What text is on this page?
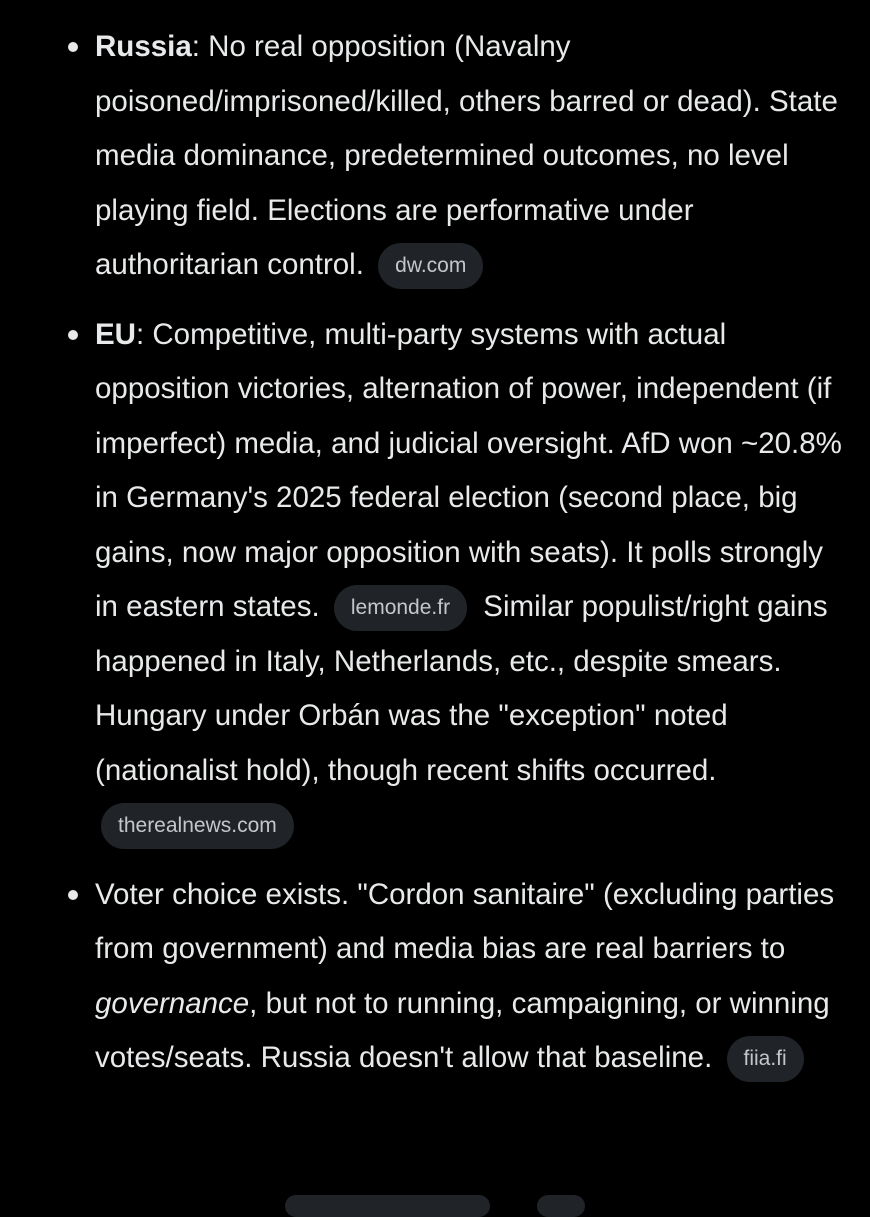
Russia: No real opposition (Navalny poisoned/imprisoned/killed, others barred or dead). State media dominance, predetermined outcomes, no level playing field. Elections are performative under authoritarian control. dw.com
EU: Competitive, multi-party systems with actual opposition victories, alternation of power, independent (if imperfect) media, and judicial oversight. AfD won ~20.8% in Germany's 2025 federal election (second place, big gains, now major opposition with seats). It polls strongly in eastern states. lemonde.fr Similar populist/right gains happened in Italy, Netherlands, etc., despite smears. Hungary under Orbán was the "exception" noted (nationalist hold), though recent shifts occurred. therealnews.com
Voter choice exists. "Cordon sanitaire" (excluding parties from government) and media bias are real barriers to governance, but not to running, campaigning, or winning votes/seats. Russia doesn't allow that baseline. fiia.fi
